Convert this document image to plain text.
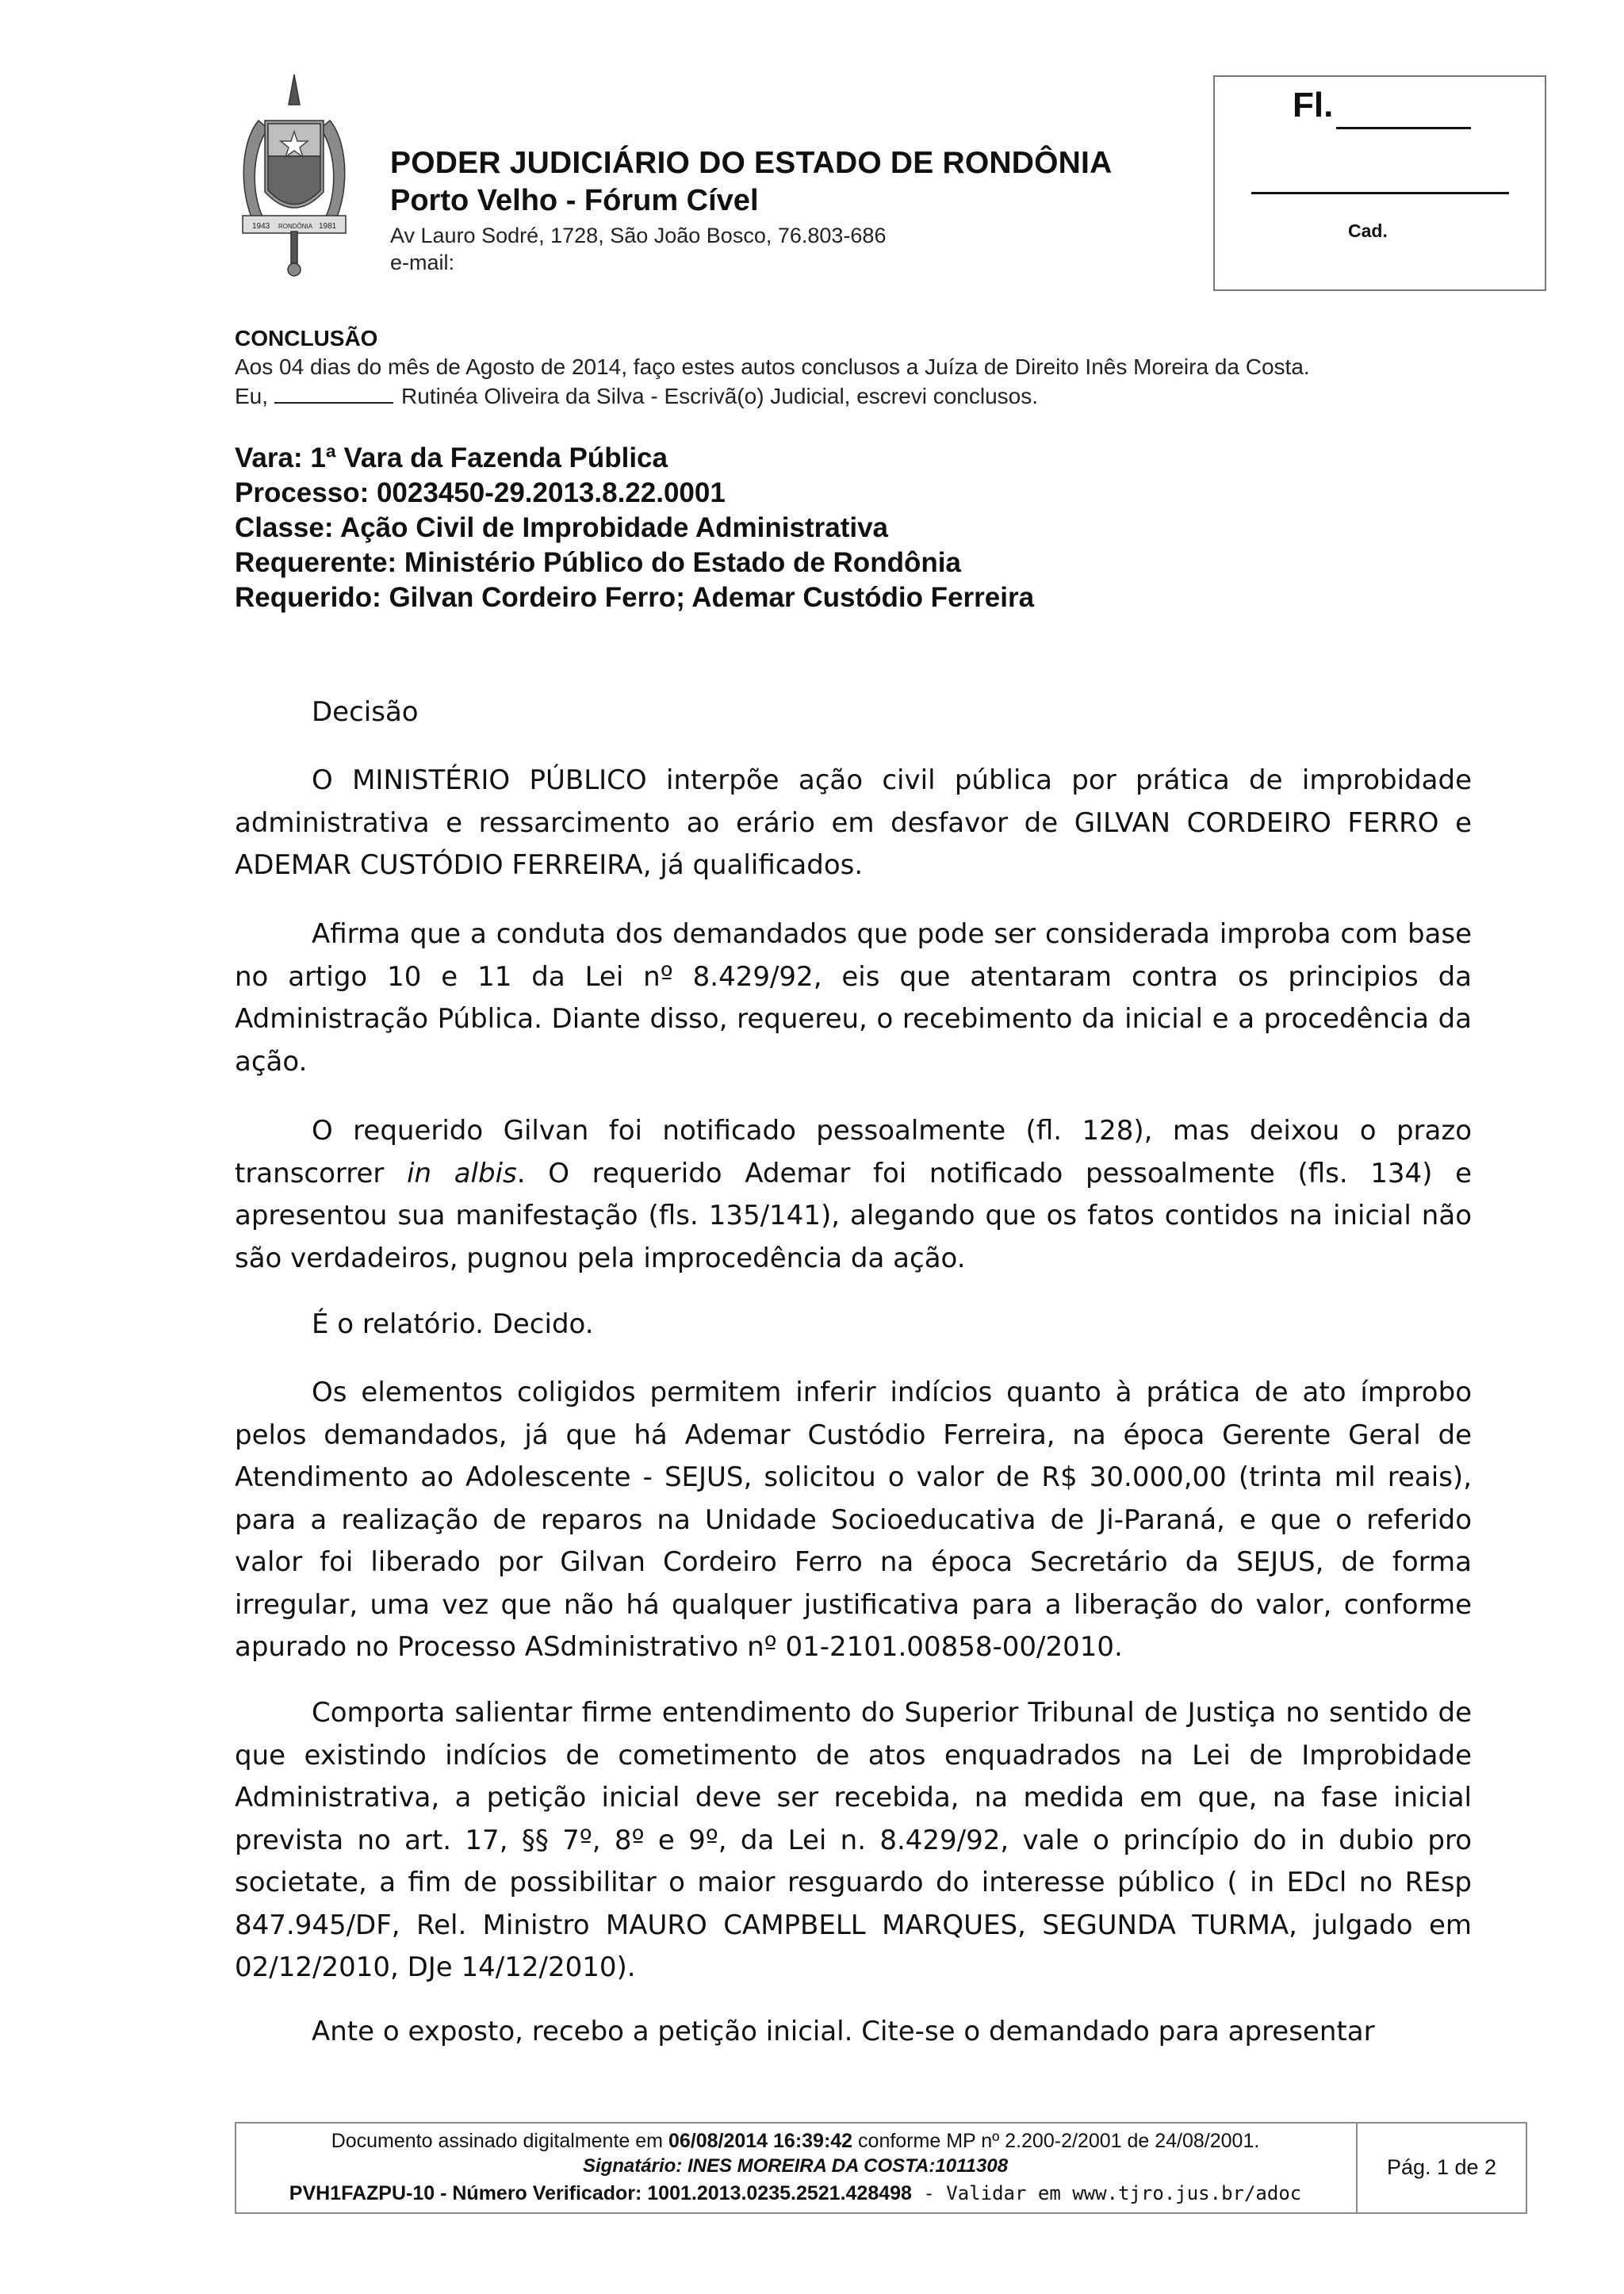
1943 RONDÔNIA 1981
PODER JUDICIÁRIO DO ESTADO DE RONDÔNIA
Porto Velho - Fórum Cível
Av Lauro Sodré, 1728, São João Bosco, 76.803-686
e-mail:
Fl.
Cad.
CONCLUSÃO
Aos 04 dias do mês de Agosto de 2014, faço estes autos conclusos a Juíza de Direito Inês Moreira da Costa.
Eu,	Rutinéa Oliveira da Silva - Escrivã(o) Judicial, escrevi conclusos.
Vara: 1ª Vara da Fazenda Pública
Processo: 0023450-29.2013.8.22.0001
Classe: Ação Civil de Improbidade Administrativa
Requerente: Ministério Público do Estado de Rondônia
Requerido: Gilvan Cordeiro Ferro; Ademar Custódio Ferreira

Decisão

O MINISTÉRIO PÚBLICO interpõe ação civil pública por prática de improbidade administrativa e ressarcimento ao erário em desfavor de GILVAN CORDEIRO FERRO e ADEMAR CUSTÓDIO FERREIRA, já qualificados.

Afirma que a conduta dos demandados que pode ser considerada improba com base no artigo 10 e 11 da Lei nº 8.429/92, eis que atentaram contra os principios da Administração Pública. Diante disso, requereu, o recebimento da inicial e a procedência da ação.

O requerido Gilvan foi notificado pessoalmente (fl. 128), mas deixou o prazo transcorrer in albis. O requerido Ademar foi notificado pessoalmente (fls. 134) e apresentou sua manifestação (fls. 135/141), alegando que os fatos contidos na inicial não são verdadeiros, pugnou pela improcedência da ação.

É o relatório. Decido.

Os elementos coligidos permitem inferir indícios quanto à prática de ato ímprobo pelos demandados, já que há Ademar Custódio Ferreira, na época Gerente Geral de Atendimento ao Adolescente - SEJUS, solicitou o valor de R$ 30.000,00 (trinta mil reais), para a realização de reparos na Unidade Socioeducativa de Ji-Paraná, e que o referido valor foi liberado por Gilvan Cordeiro Ferro na época Secretário da SEJUS, de forma irregular, uma vez que não há qualquer justificativa para a liberação do valor, conforme apurado no Processo ASdministrativo nº 01-2101.00858-00/2010.

Comporta salientar firme entendimento do Superior Tribunal de Justiça no sentido de que existindo indícios de cometimento de atos enquadrados na Lei de Improbidade Administrativa, a petição inicial deve ser recebida, na medida em que, na fase inicial prevista no art. 17, §§ 7º, 8º e 9º, da Lei n. 8.429/92, vale o princípio do in dubio pro societate, a fim de possibilitar o maior resguardo do interesse público ( in EDcl no REsp 847.945/DF, Rel. Ministro MAURO CAMPBELL MARQUES, SEGUNDA TURMA, julgado em 02/12/2010, DJe 14/12/2010).

Ante o exposto, recebo a petição inicial. Cite-se o demandado para apresentar

Documento assinado digitalmente em 06/08/2014 16:39:42 conforme MP nº 2.200-2/2001 de 24/08/2001.
Signatário: INES MOREIRA DA COSTA:1011308
PVH1FAZPU-10 - Número Verificador: 1001.2013.0235.2521.428498 - Validar em www.tjro.jus.br/adoc
Pág. 1 de 2
